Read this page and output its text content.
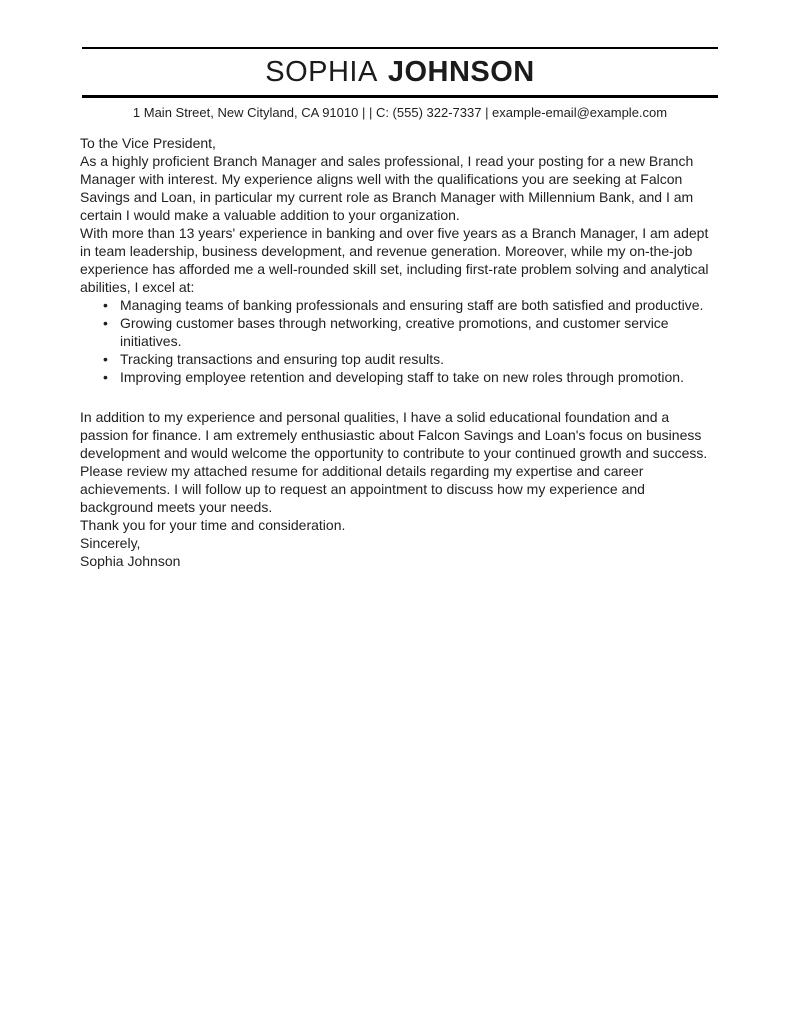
SOPHIA JOHNSON
1 Main Street, New Cityland, CA 91010 | | C: (555) 322-7337 | example-email@example.com

To the Vice President,

As a highly proficient Branch Manager and sales professional, I read your posting for a new Branch Manager with interest. My experience aligns well with the qualifications you are seeking at Falcon Savings and Loan, in particular my current role as Branch Manager with Millennium Bank, and I am certain I would make a valuable addition to your organization.

With more than 13 years' experience in banking and over five years as a Branch Manager, I am adept in team leadership, business development, and revenue generation. Moreover, while my on-the-job experience has afforded me a well-rounded skill set, including first-rate problem solving and analytical abilities, I excel at:

• Managing teams of banking professionals and ensuring staff are both satisfied and productive.
• Growing customer bases through networking, creative promotions, and customer service initiatives.
• Tracking transactions and ensuring top audit results.
• Improving employee retention and developing staff to take on new roles through promotion.

In addition to my experience and personal qualities, I have a solid educational foundation and a passion for finance. I am extremely enthusiastic about Falcon Savings and Loan's focus on business development and would welcome the opportunity to contribute to your continued growth and success.

Please review my attached resume for additional details regarding my expertise and career achievements. I will follow up to request an appointment to discuss how my experience and background meets your needs.

Thank you for your time and consideration.

Sincerely,

Sophia Johnson
